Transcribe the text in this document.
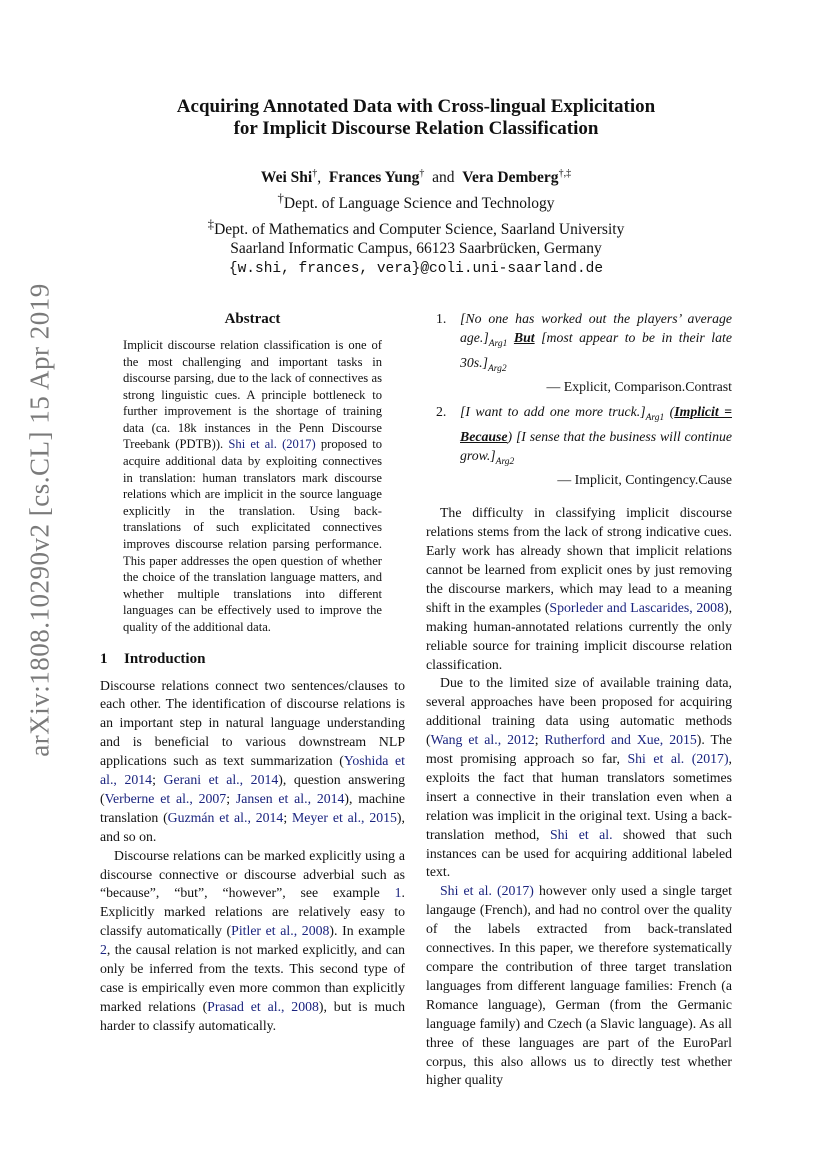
arXiv:1808.10290v2 [cs.CL] 15 Apr 2019
Acquiring Annotated Data with Cross-lingual Explicitation
for Implicit Discourse Relation Classification
Wei Shi†,  Frances Yung† and Vera Demberg†,‡
†Dept. of Language Science and Technology
‡Dept. of Mathematics and Computer Science, Saarland University
Saarland Informatic Campus, 66123 Saarbrücken, Germany
{w.shi, frances, vera}@coli.uni-saarland.de
Abstract
Implicit discourse relation classification is one of the most challenging and important tasks in discourse parsing, due to the lack of connectives as strong linguistic cues. A principle bottleneck to further improvement is the shortage of training data (ca. 18k instances in the Penn Discourse Treebank (PDTB)). Shi et al. (2017) proposed to acquire additional data by exploiting connectives in translation: human translators mark discourse relations which are implicit in the source language explicitly in the translation. Using back-translations of such explicitated connectives improves discourse relation parsing performance. This paper addresses the open question of whether the choice of the translation language matters, and whether multiple translations into different languages can be effectively used to improve the quality of the additional data.
1 Introduction

Discourse relations connect two sentences/clauses to each other. The identification of discourse relations is an important step in natural language understanding and is beneficial to various downstream NLP applications such as text summarization (Yoshida et al., 2014; Gerani et al., 2014), question answering (Verberne et al., 2007; Jansen et al., 2014), machine translation (Guzmán et al., 2014; Meyer et al., 2015), and so on.

Discourse relations can be marked explicitly using a discourse connective or discourse adverbial such as “because”, “but”, “however”, see example 1. Explicitly marked relations are relatively easy to classify automatically (Pitler et al., 2008). In example 2, the causal relation is not marked explicitly, and can only be inferred from the texts. This second type of case is empirically even more common than explicitly marked relations (Prasad et al., 2008), but is much harder to classify automatically.

1. [No one has worked out the players’ average $age.]_{Arg1}$ But [most appear to be in their late $30s.]_{Arg2}$
— Explicit, Comparison.Contrast
2. [I want to add one more $truck.]_{Arg1}$ (Implicit = Because) [I sense that the business will continue $grow.]_{Arg2}$
— Implicit, Contingency.Cause

The difficulty in classifying implicit discourse relations stems from the lack of strong indicative cues. Early work has already shown that implicit relations cannot be learned from explicit ones by just removing the discourse markers, which may lead to a meaning shift in the examples (Sporleder and Lascarides, 2008), making human-annotated relations currently the only reliable source for training implicit discourse relation classification.

Due to the limited size of available training data, several approaches have been proposed for acquiring additional training data using automatic methods (Wang et al., 2012; Rutherford and Xue, 2015). The most promising approach so far, Shi et al. (2017), exploits the fact that human translators sometimes insert a connective in their translation even when a relation was implicit in the original text. Using a back-translation method, Shi et al. showed that such instances can be used for acquiring additional labeled text.

Shi et al. (2017) however only used a single target langauge (French), and had no control over the quality of the labels extracted from back-translated connectives. In this paper, we therefore systematically compare the contribution of three target translation languages from different language families: French (a Romance language), German (from the Germanic language family) and Czech (a Slavic language). As all three of these languages are part of the EuroParl corpus, this also allows us to directly test whether higher quality
